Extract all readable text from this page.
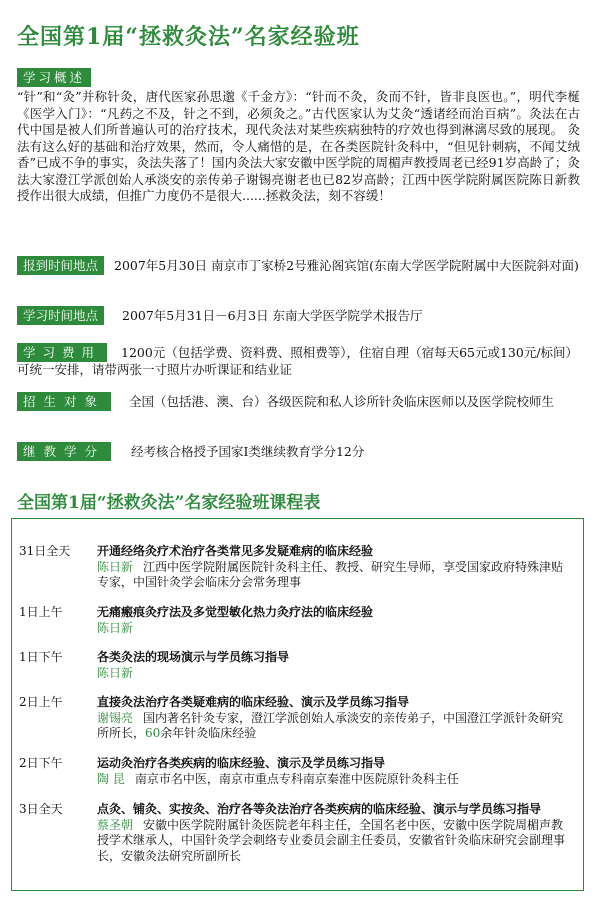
全国第1届“拯救灸法”名家经验班
学习概述

“针”和“灸”并称针灸，唐代医家孙思邈《千金方》：“针而不灸，灸而不针，皆非良医也。”，明代李梴《医学入门》：“凡药之不及，针之不到，必须灸之。”古代医家认为艾灸“透诸经而治百病”。灸法在古代中国是被人们所普遍认可的治疗技术，现代灸法对某些疾病独特的疗效也得到淋漓尽致的展现。 灸法有这么好的基础和治疗效果，然而，令人痛惜的是，在各类医院针灸科中，“但见针刺病，不闻艾绒香”已成不争的事实，灸法失落了！国内灸法大家安徽中医学院的周楣声教授周老已经91岁高龄了；灸法大家澄江学派创始人承淡安的亲传弟子谢锡亮谢老也已82岁高龄；江西中医学院附属医院陈日新教授作出很大成绩，但推广力度仍不是很大......拯救灸法，刻不容缓！

报到时间地点 2007年5月30日 南京市丁家桥2号雅沁阁宾馆(东南大学医学院附属中大医院斜对面)
学习时间地点 2007年5月31日－6月3日 东南大学医学院学术报告厅
学习费用 1200元（包括学费、资料费、照相费等），住宿自理（宿每天65元或130元/标间）可统一安排，请带两张一寸照片办听课证和结业证
招生对象 全国（包括港、澳、台）各级医院和私人诊所针灸临床医师以及医学院校师生
继教学分 经考核合格授予国家Ⅰ类继续教育学分12分
全国第1届“拯救灸法”名家经验班课程表
31日全天 开通经络灸疗术治疗各类常见多发疑难病的临床经验
陈日新 江西中医学院附属医院针灸科主任、教授、研究生导师，享受国家政府特殊津贴专家，中国针灸学会临床分会常务理事
1日上午	无痛瘢痕灸疗法及多觉型敏化热力灸疗法的临床经验
陈日新
1日下午	各类灸法的现场演示与学员练习指导
陈日新
2日上午	直接灸法治疗各类疑难病的临床经验、演示及学员练习指导
谢锡亮 国内著名针灸专家，澄江学派创始人承淡安的亲传弟子，中国澄江学派针灸研究所所长，60余年针灸临床经验
2日下午	运动灸治疗各类疾病的临床经验、演示及学员练习指导
陶 昆 南京市名中医，南京市重点专科南京秦淮中医院原针灸科主任
3日全天	点灸、铺灸、实按灸、治疗各等灸法治疗各类疾病的临床经验、演示与学员练习指导
蔡圣朝 安徽中医学院附属针灸医院老年科主任，全国名老中医，安徽中医学院周楣声教授学术继承人，中国针灸学会刺络专业委员会副主任委员，安徽省针灸临床研究会副理事长，安徽灸法研究所副所长
